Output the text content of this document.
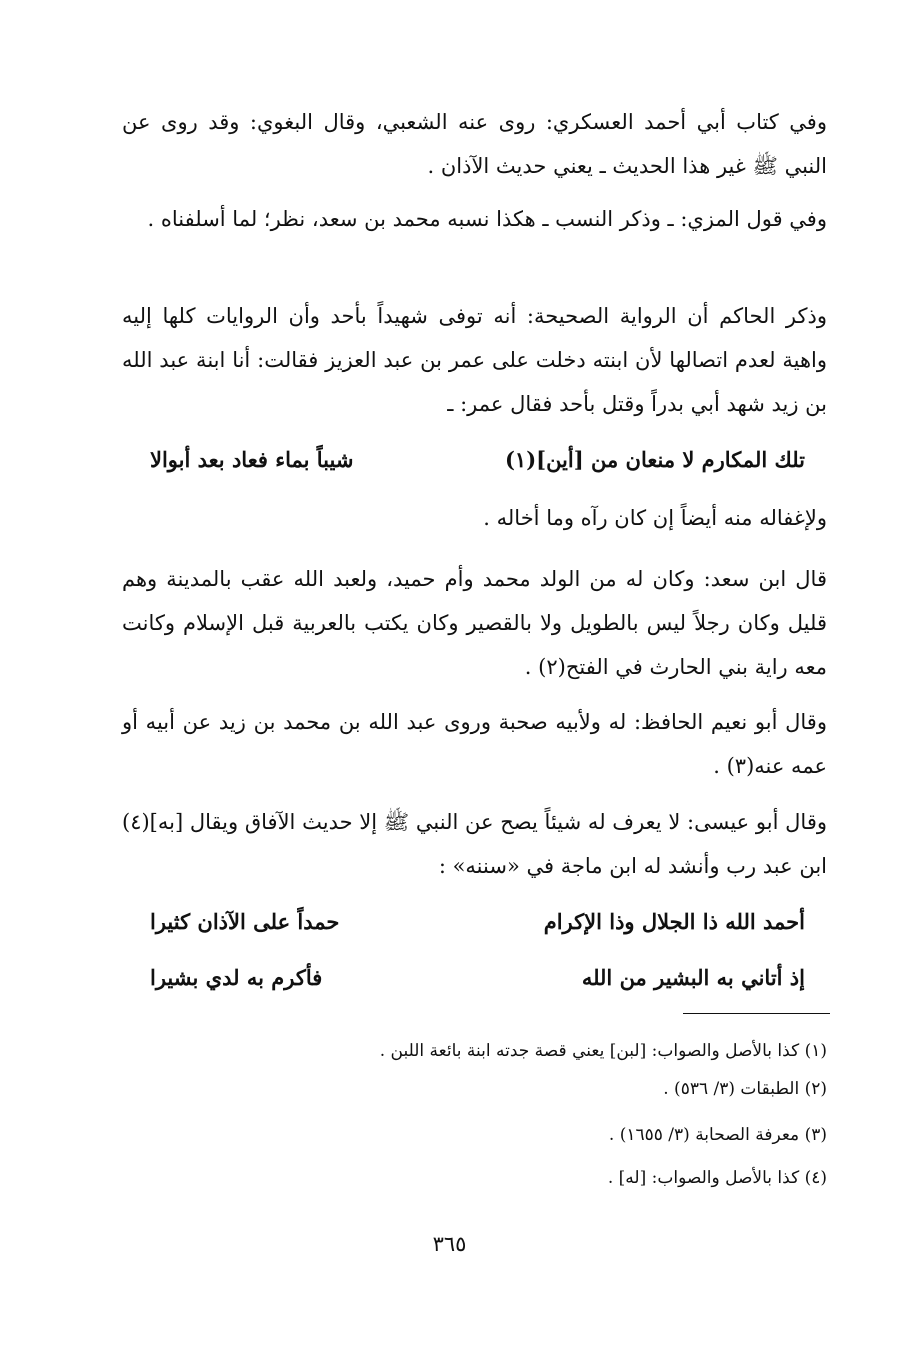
وفي كتاب أبي أحمد العسكري: روى عنه الشعبي، وقال البغوي: وقد روى عن النبي ﷺ غير هذا الحديث ـ يعني حديث الآذان .

وفي قول المزي: ـ وذكر النسب ـ هكذا نسبه محمد بن سعد، نظر؛ لما أسلفناه .

وذكر الحاكم أن الرواية الصحيحة: أنه توفى شهيداً بأحد وأن الروايات كلها إليه واهية لعدم اتصالها لأن ابنته دخلت على عمر بن عبد العزيز فقالت: أنا ابنة عبد الله بن زيد شهد أبي بدراً وقتل بأحد فقال عمر: ـ

تلك المكارم لا منعان من [أين](١)
شيباً بماء فعاد بعد أبوالا

ولإغفاله منه أيضاً إن كان رآه وما أخاله .

قال ابن سعد: وكان له من الولد محمد وأم حميد، ولعبد الله عقب بالمدينة وهم قليل وكان رجلاً ليس بالطويل ولا بالقصير وكان يكتب بالعربية قبل الإسلام وكانت معه راية بني الحارث في الفتح(٢) .

وقال أبو نعيم الحافظ: له ولأبيه صحبة وروى عبد الله بن محمد بن زيد عن أبيه أو عمه عنه(٣) .

وقال أبو عيسى: لا يعرف له شيئاً يصح عن النبي ﷺ إلا حديث الآفاق ويقال [به](٤) ابن عبد رب وأنشد له ابن ماجة في «سننه» :

أحمد الله ذا الجلال وذا الإكرام
حمداً على الآذان كثيرا
إذ أتاني به البشير من الله
فأكرم به لدي بشيرا
(١) كذا بالأصل والصواب: [لبن] يعني قصة جدته ابنة بائعة اللبن .
(٢) الطبقات (٣/ ٥٣٦) .
(٣) معرفة الصحابة (٣/ ١٦٥٥) .
(٤) كذا بالأصل والصواب: [له] .
٣٦٥
